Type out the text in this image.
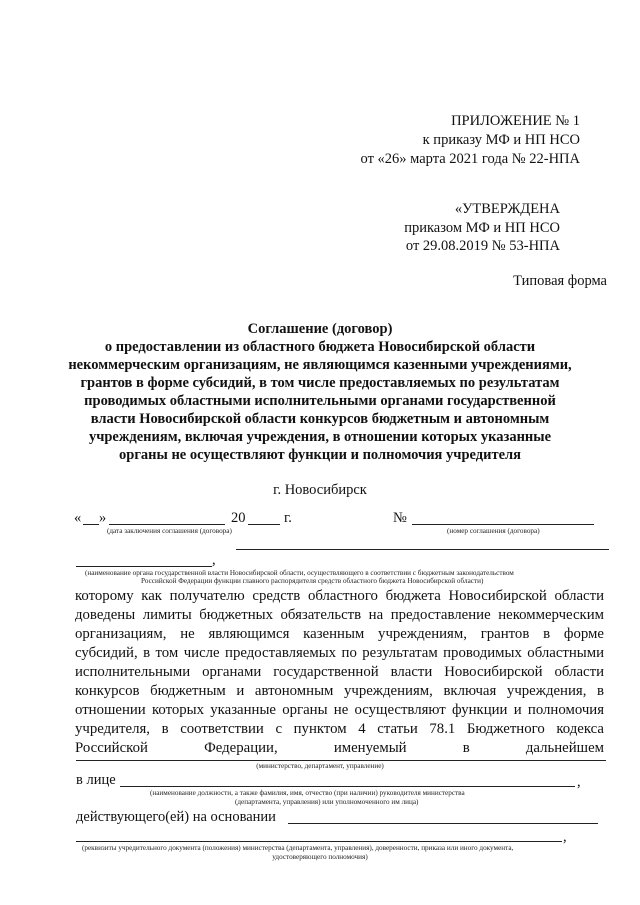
ПРИЛОЖЕНИЕ № 1
к приказу МФ и НП НСО
от «26» марта 2021 года № 22-НПА
«УТВЕРЖДЕНА
приказом МФ и НП НСО
от 29.08.2019 № 53-НПА
Типовая форма
Соглашение (договор)
о предоставлении из областного бюджета Новосибирской области
некоммерческим организациям, не являющимся казенными учреждениями,
грантов в форме субсидий, в том числе предоставляемых по результатам
проводимых областными исполнительными органами государственной
власти Новосибирской области конкурсов бюджетным и автономным
учреждениям, включая учреждения, в отношении которых указанные
органы не осуществляют функции и полномочия учредителя
г. Новосибирск
« »	20	г.	№
(дата заключения соглашения (договора)	(номер соглашения (договора)
,
(наименование органа государственной власти Новосибирской области, осуществляющего в соответствии с бюджетным законодательством
Российской Федерации функции главного распорядителя средств областного бюджета Новосибирской области)
которому как получателю средств областного бюджета Новосибирской области
доведены лимиты бюджетных обязательств на предоставление некоммерческим
организациям, не являющимся казенным учреждениям, грантов в форме
субсидий, в том числе предоставляемых по результатам проводимых областными
исполнительными органами государственной власти Новосибирской области
конкурсов бюджетным и автономным учреждениям, включая учреждения, в
отношении которых указанные органы не осуществляют функции и полномочия
учредителя, в соответствии с пунктом 4 статьи 78.1 Бюджетного кодекса
Российской Федерации, именуемый в дальнейшем
(министерство, департамент, управление)
в лице	,
(наименование должности, а также фамилия, имя, отчество (при наличии) руководителя министерства
(департамента, управления) или уполномоченного им лица)
действующего(ей) на основании
,
(реквизиты учредительного документа (положения) министерства (департамента, управления), доверенности, приказа или иного документа,
удостоверяющего полномочия)
